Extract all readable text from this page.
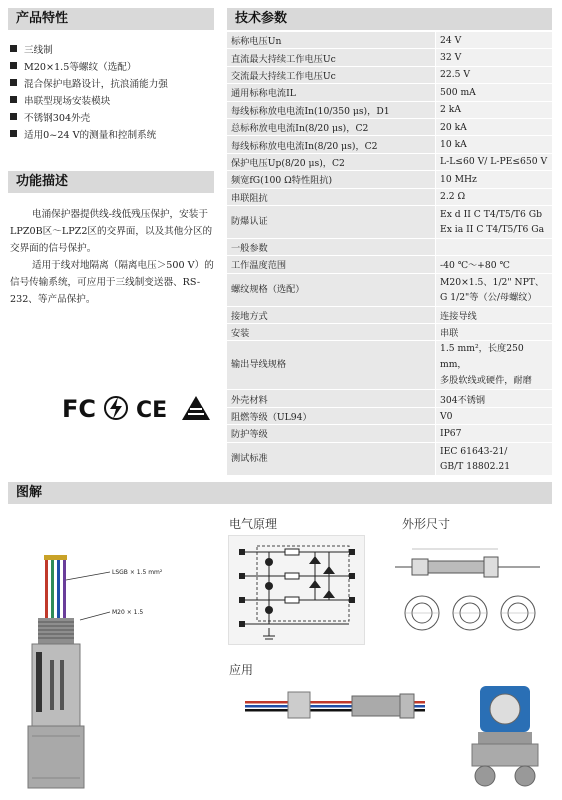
产品特性	技术参数
功能描述
图解
三线制
M20×1.5等螺纹（选配）
混合保护电路设计，抗浪涌能力强
串联型现场安装模块
不锈钢304外壳
适用0~24 V的测量和控制系统

电涌保护器提供线-线低残压保护，安装于LPZ0B区～LPZ2区的交界面，以及其他分区的交界面的信号保护。

适用于线对地隔离（隔离电压＞500 V）的信号传输系统，可应用于三线制变送器、RS-232、等产品保护。

FC CE
标称电压Un	24 V
直流最大持续工作电压Uc	32 V
交流最大持续工作电压Uc	22.5 V
通用标称电流IL	500 mA
每线标称放电电流In(10/350 μs)，D1	2 kA
总标称放电电流In(8/20 μs)，C2	20 kA
每线标称放电电流In(8/20 μs)，C2	10 kA
保护电压Up(8/20 μs)，C2	L-L≤60 V/ L-PE≤650 V
频宽fG(100 Ω特性阻抗)	10 MHz
串联阻抗	2.2 Ω
防爆认证	Ex d II C T4/T5/T6 Gb
Ex ia II C T4/T5/T6 Ga

一般参数	
工作温度范围	-40 ℃～+80 ℃
螺纹规格（选配）	M20×1.5、1/2" NPT、
G 1/2"等（公/母螺纹）

接地方式	连接导线
安装	串联
输出导线规格	1.5 mm²，长度250 mm，
多股软线或硬件，耐磨

外壳材料	304不锈钢
阻燃等级（UL94）	V0
防护等级	IP67
测试标准	IEC 61643-21/
GB/T 18802.21
LSGB × 1.5 mm²
M20 × 1.5
电气原理	外形尺寸
应用
